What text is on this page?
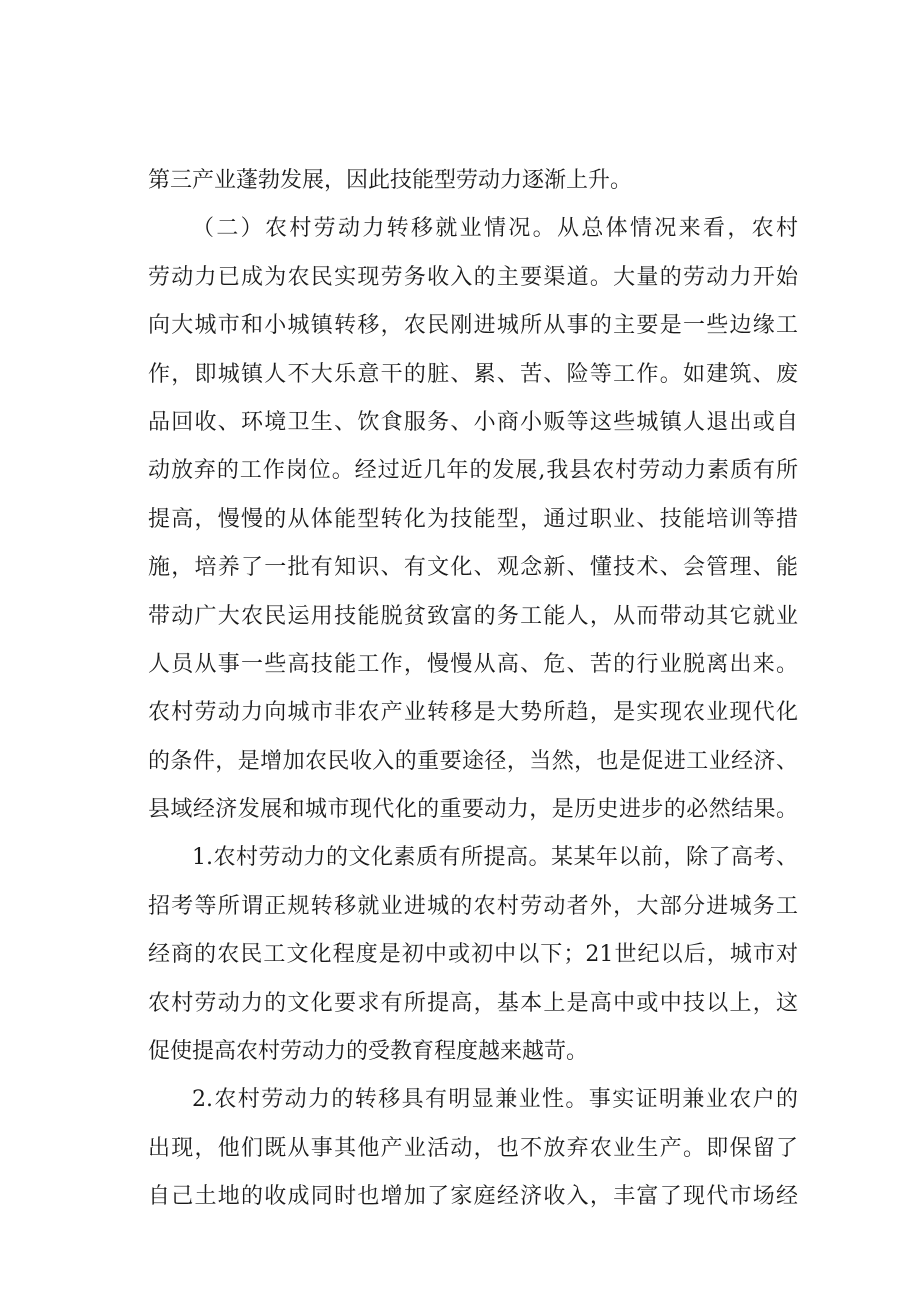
第三产业蓬勃发展，因此技能型劳动力逐渐上升。
（二）农村劳动力转移就业情况。从总体情况来看，农村
劳动力已成为农民实现劳务收入的主要渠道。大量的劳动力开始
向大城市和小城镇转移，农民刚进城所从事的主要是一些边缘工
作，即城镇人不大乐意干的脏、累、苦、险等工作。如建筑、废
品回收、环境卫生、饮食服务、小商小贩等这些城镇人退出或自
动放弃的工作岗位。经过近几年的发展,我县农村劳动力素质有所
提高，慢慢的从体能型转化为技能型，通过职业、技能培训等措
施，培养了一批有知识、有文化、观念新、懂技术、会管理、能
带动广大农民运用技能脱贫致富的务工能人，从而带动其它就业
人员从事一些高技能工作，慢慢从高、危、苦的行业脱离出来。
农村劳动力向城市非农产业转移是大势所趋，是实现农业现代化
的条件，是增加农民收入的重要途径，当然，也是促进工业经济、
县域经济发展和城市现代化的重要动力，是历史进步的必然结果。
1.农村劳动力的文化素质有所提高。某某年以前，除了高考、
招考等所谓正规转移就业进城的农村劳动者外，大部分进城务工
经商的农民工文化程度是初中或初中以下；21世纪以后，城市对
农村劳动力的文化要求有所提高，基本上是高中或中技以上，这
促使提高农村劳动力的受教育程度越来越苛。
2.农村劳动力的转移具有明显兼业性。事实证明兼业农户的
出现，他们既从事其他产业活动，也不放弃农业生产。即保留了
自己土地的收成同时也增加了家庭经济收入，丰富了现代市场经
